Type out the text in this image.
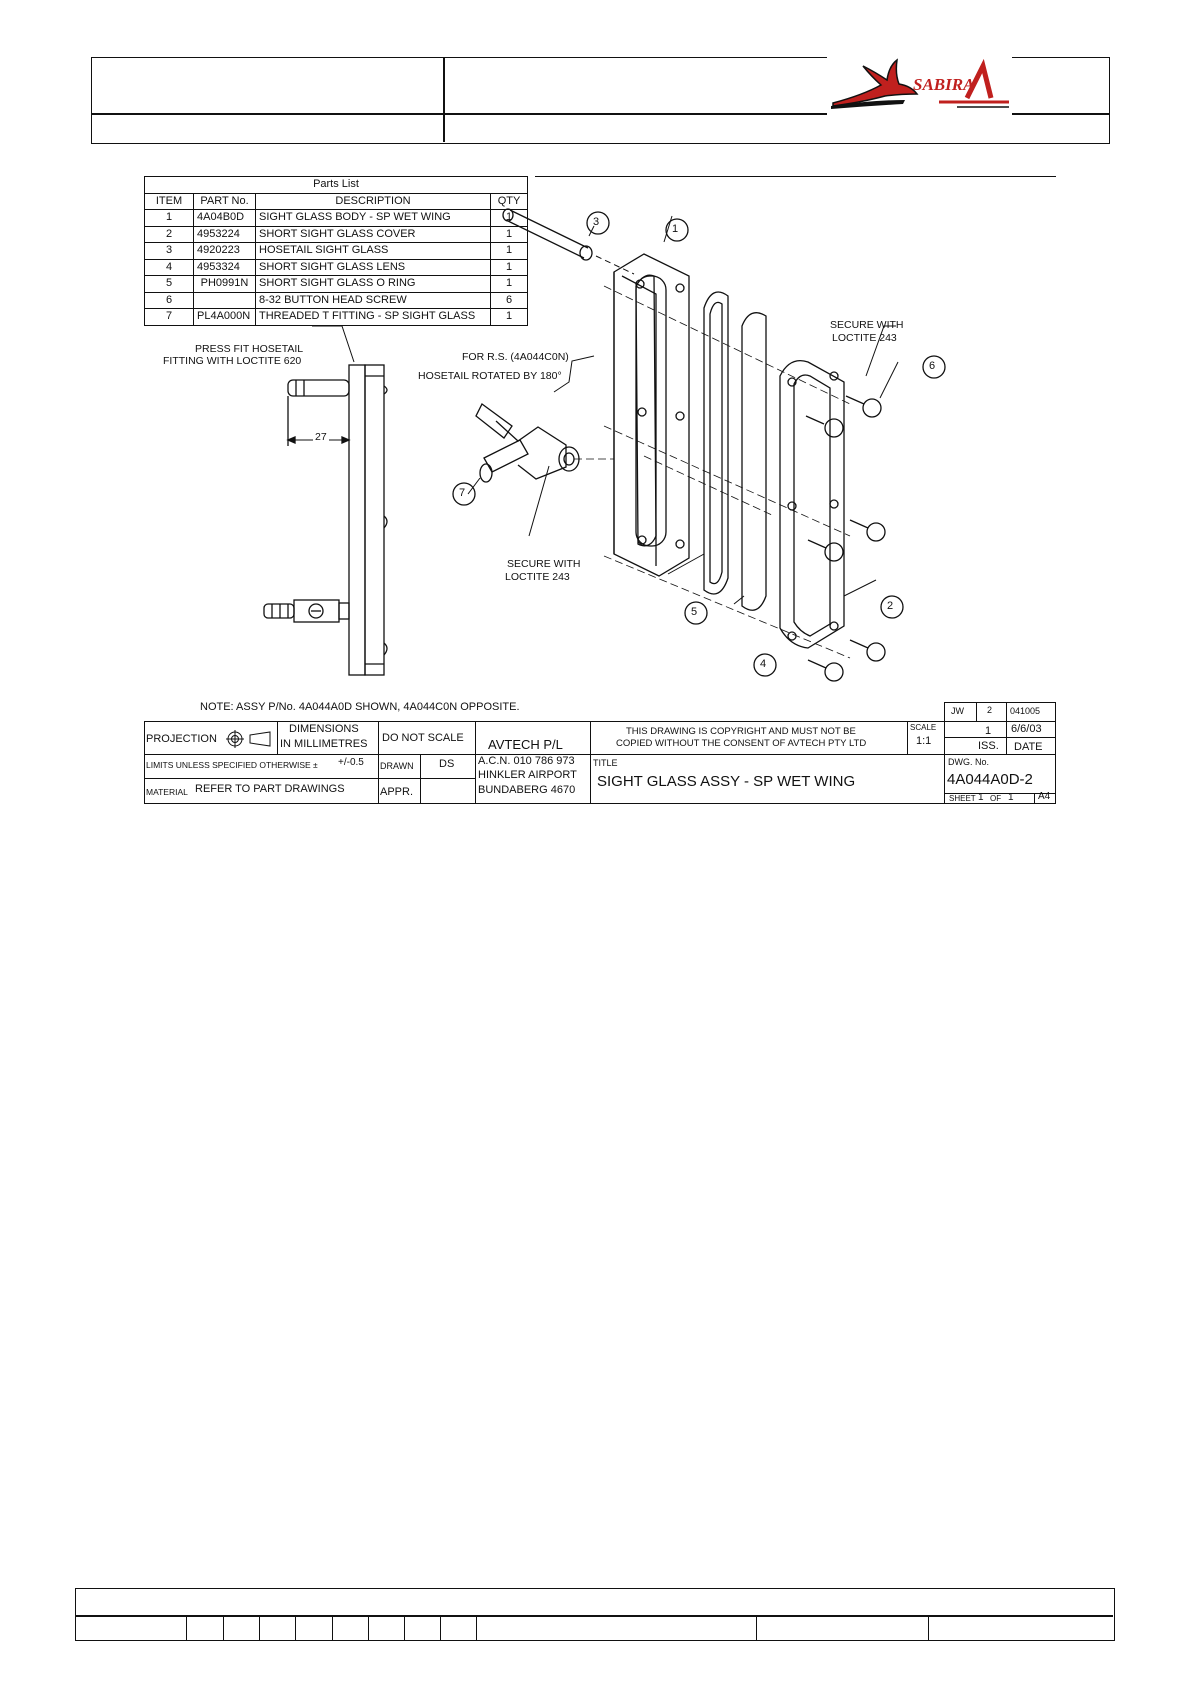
SABIRA
Parts List			
ITEM	PART No.	DESCRIPTION	QTY
1	4A04B0D	SIGHT GLASS BODY - SP WET WING	1
2	4953224	SHORT SIGHT GLASS COVER	1
3	4920223	HOSETAIL SIGHT GLASS	1
4	4953324	SHORT SIGHT GLASS LENS	1
5	PH0991N	SHORT SIGHT GLASS O RING	1
6		8-32 BUTTON HEAD SCREW	6
7	PL4A000N	THREADED T FITTING - SP SIGHT GLASS	1
3
1
6
7
5	2
4
PRESS FIT HOSETAIL
FITTING WITH LOCTITE 620
27
FOR R.S. (4A044C0N)
HOSETAIL ROTATED BY 180°
SECURE WITH
LOCTITE 243
SECURE WITH
LOCTITE 243
NOTE: ASSY P/No. 4A044A0D SHOWN, 4A044C0N OPPOSITE.	JW	2 041005
PROJECTION
DIMENSIONS
IN MILLIMETRES DO NOT SCALE AVTECH P/L
THIS DRAWING IS COPYRIGHT AND MUST NOT BE
COPIED WITHOUT THE CONSENT OF AVTECH PTY LTD
SCALE
1:1
1 6/6/03
ISS. DATE
LIMITS UNLESS SPECIFIED OTHERWISE ± +/-0.5 DRAWN DS A.C.N. 010 786 973
HINKLER AIRPORT
BUNDABERG 4670
TITLE
SIGHT GLASS ASSY - SP WET WING
DWG. No.
4A044A0D-2
SHEET 1 OF 1 A4
MATERIAL REFER TO PART DRAWINGS	APPR.
